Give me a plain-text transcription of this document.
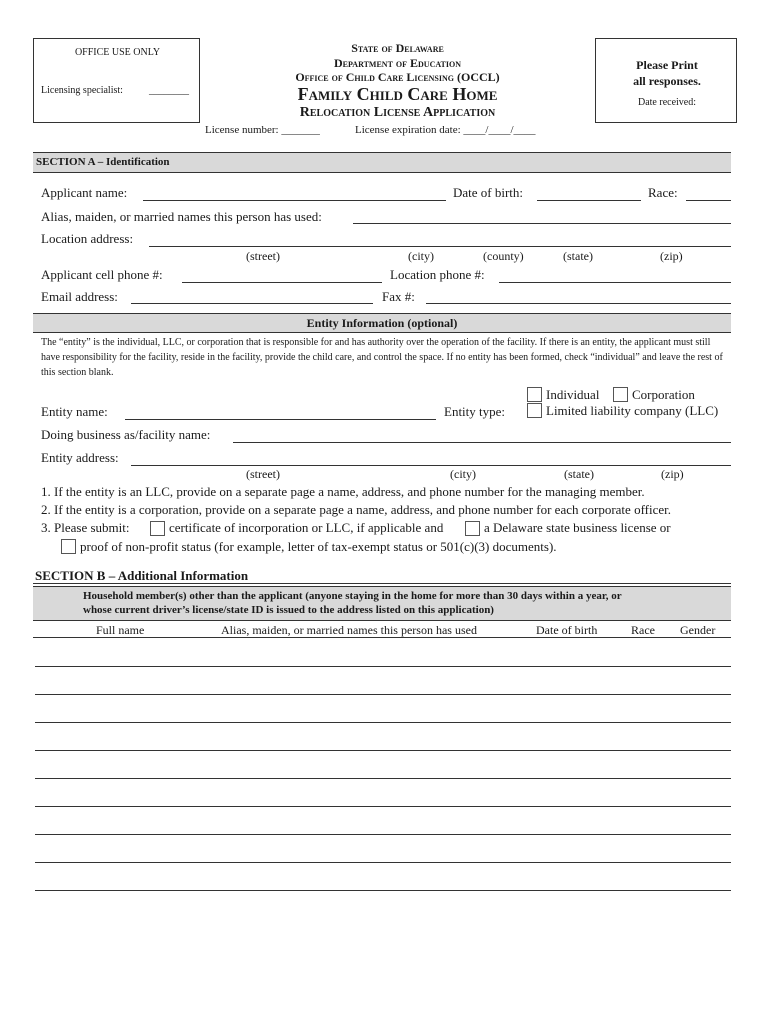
OFFICE USE ONLY
Licensing specialist:	________
State of Delaware
Department of Education
Office of Child Care Licensing (OCCL)
Family Child Care Home
Relocation License Application
License number: _______	License expiration date: ____/____/____
Please Print
all responses.
Date received:
SECTION A – Identification
Applicant name:	Date of birth:	Race:
Alias, maiden, or married names this person has used:
Location address:
(street)	(city)	(county)	(state)	(zip)
Applicant cell phone #:	Location phone #:
Email address:	Fax #:
Entity Information (optional)
The “entity” is the individual, LLC, or corporation that is responsible for and has authority over the operation of the facility. If there is an entity, the applicant must still have responsibility for the facility, reside in the facility, provide the child care, and control the space. If no entity has been formed, check “individual” and leave the rest of this section blank.
Individual	Corporation
Limited liability company (LLC)
Entity name:	Entity type:
Doing business as/facility name:
Entity address:
(street)	(city)	(state)	(zip)
1. If the entity is an LLC, provide on a separate page a name, address, and phone number for the managing member.
2. If the entity is a corporation, provide on a separate page a name, address, and phone number for each corporate officer.
3. Please submit:	certificate of incorporation or LLC, if applicable and	a Delaware state business license or
proof of non-profit status (for example, letter of tax-exempt status or 501(c)(3) documents).
SECTION B – Additional Information
Household member(s) other than the applicant (anyone staying in the home for more than 30 days within a year, or
whose current driver’s license/state ID is issued to the address listed on this application)
Full name	Alias, maiden, or married names this person has used	Date of birth	Race Gender
